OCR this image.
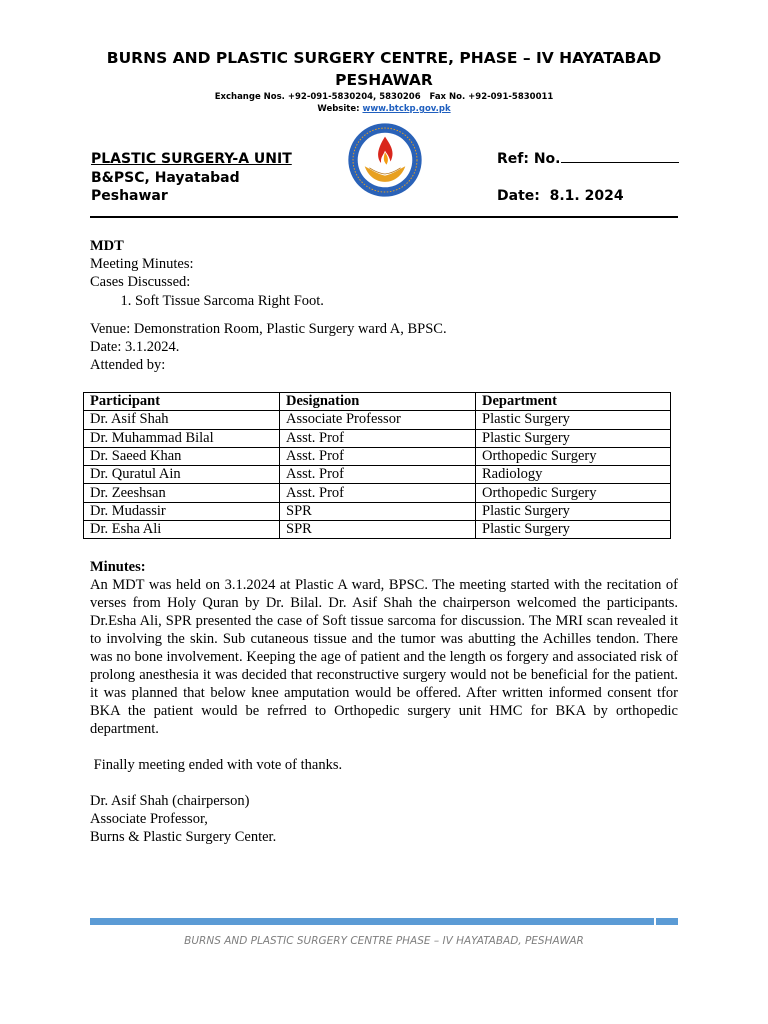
BURNS AND PLASTIC SURGERY CENTRE, PHASE – IV HAYATABAD

PESHAWAR

Exchange Nos. +92-091-5830204, 5830206 Fax No. +92-091-5830011
Website: www.btckp.gov.pk
PLASTIC SURGERY-A UNIT
B&PSC, Hayatabad
Peshawar
Ref: No.
Date: 8.1. 2024

MDT

Meeting Minutes:

Cases Discussed:

1. Soft Tissue Sarcoma Right Foot.

Venue: Demonstration Room, Plastic Surgery ward A, BPSC.

Date: 3.1.2024.

Attended by:

Participant	Designation	Department
Dr. Asif Shah	Associate Professor	Plastic Surgery
Dr. Muhammad Bilal	Asst. Prof	Plastic Surgery
Dr. Saeed Khan	Asst. Prof	Orthopedic Surgery
Dr. Quratul Ain	Asst. Prof	Radiology
Dr. Zeeshsan	Asst. Prof	Orthopedic Surgery
Dr. Mudassir	SPR	Plastic Surgery
Dr. Esha Ali	SPR	Plastic Surgery

Minutes:

An MDT was held on 3.1.2024 at Plastic A ward, BPSC. The meeting started with the recitation of verses from Holy Quran by Dr. Bilal. Dr. Asif Shah the chairperson welcomed the participants. Dr.Esha Ali, SPR presented the case of Soft tissue sarcoma for discussion. The MRI scan revealed it to involving the skin. Sub cutaneous tissue and the tumor was abutting the Achilles tendon. There was no bone involvement. Keeping the age of patient and the length os forgery and associated risk of prolong anesthesia it was decided that reconstructive surgery would not be beneficial for the patient. it was planned that below knee amputation would be offered. After written informed consent tfor BKA the patient would be refrred to Orthopedic surgery unit HMC for BKA by orthopedic department.

Finally meeting ended with vote of thanks.

Dr. Asif Shah (chairperson)

Associate Professor,

Burns & Plastic Surgery Center.

BURNS AND PLASTIC SURGERY CENTRE PHASE – IV HAYATABAD, PESHAWAR
